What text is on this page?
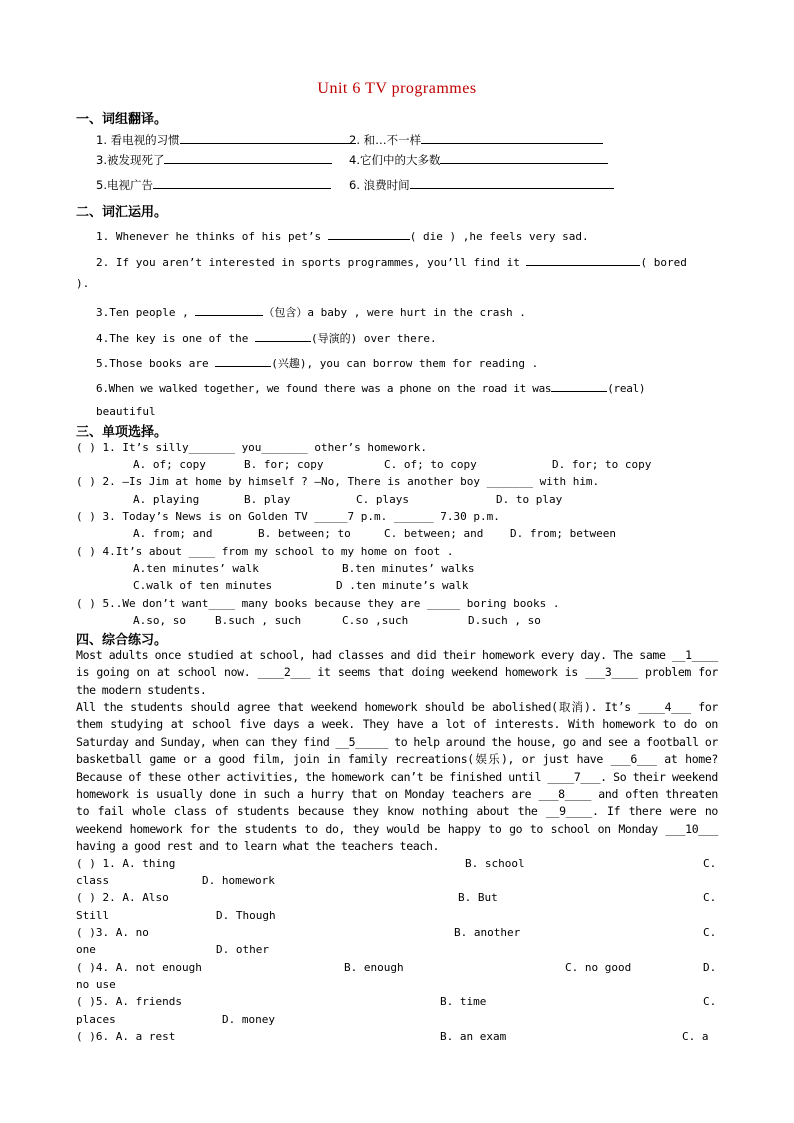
Unit 6 TV programmes
一、词组翻译。
1. 看电视的习惯	2. 和…不一样
3.被发现死了	4.它们中的大多数
5.电视广告	6. 浪费时间
二、词汇运用。
1. Whenever he thinks of his pet’s	( die ) ,he feels very sad.
2. If you aren’t interested in sports programmes, you’ll find it	( bored
).
3.Ten people ,	（包含）a baby , were hurt in the crash .
4.The key is one of the	(导演的) over there.
5.Those books are	(兴趣), you can borrow them for reading .
6.When we walked together, we found there was a phone on the road it was	(real)
beautiful
三、单项选择。
( ) 1. It’s silly_______ you_______ other’s homework.
A. of; copy	B. for; copy	C. of; to copy	D. for; to copy
( ) 2. —Is Jim at home by himself ? —No, There is another boy _______ with him.
A. playing	B. play	C. plays	D. to play
( ) 3. Today’s News is on Golden TV _____7 p.m. ______ 7.30 p.m.
A. from; and	B. between; to	C. between; and D. from; between
( ) 4.It’s about ____ from my school to my home on foot .
A.ten minutes’ walk	B.ten minutes’ walks
C.walk of ten minutes	D .ten minute’s walk
( ) 5..We don’t want____ many books because they are _____ boring books .
A.so, so	B.such , such	C.so ,such	D.such , so
四、综合练习。
Most adults once studied at school, had classes and did their homework every day. The same __1____ is going on at school now. ____2___ it seems that doing weekend homework is ___3____ problem for the modern students.
All the students should agree that weekend homework should be abolished(取消). It’s ____4___ for them studying at school five days a week. They have a lot of interests. With homework to do on Saturday and Sunday, when can they find __5_____ to help around the house, go and see a football or basketball game or a good film, join in family recreations(娱乐), or just have ___6___ at home? Because of these other activities, the homework can’t be finished until ____7___. So their weekend homework is usually done in such a hurry that on Monday teachers are ___8____ and often threaten to fail whole class of students because they know nothing about the __9____. If there were no weekend homework for the students to do, they would be happy to go to school on Monday ___10___ having a good rest and to learn what the teachers teach.
( ) 1. A. thing	B. school	C.
class	D. homework
( ) 2. A. Also	B. But	C.
Still	D. Though
( )3. A. no	B. another	C.
one	D. other
( )4. A. not enough	B. enough	C. no good	D.
no use
( )5. A. friends	B. time	C.
places	D. money
( )6. A. a rest	B. an exam	C. a
